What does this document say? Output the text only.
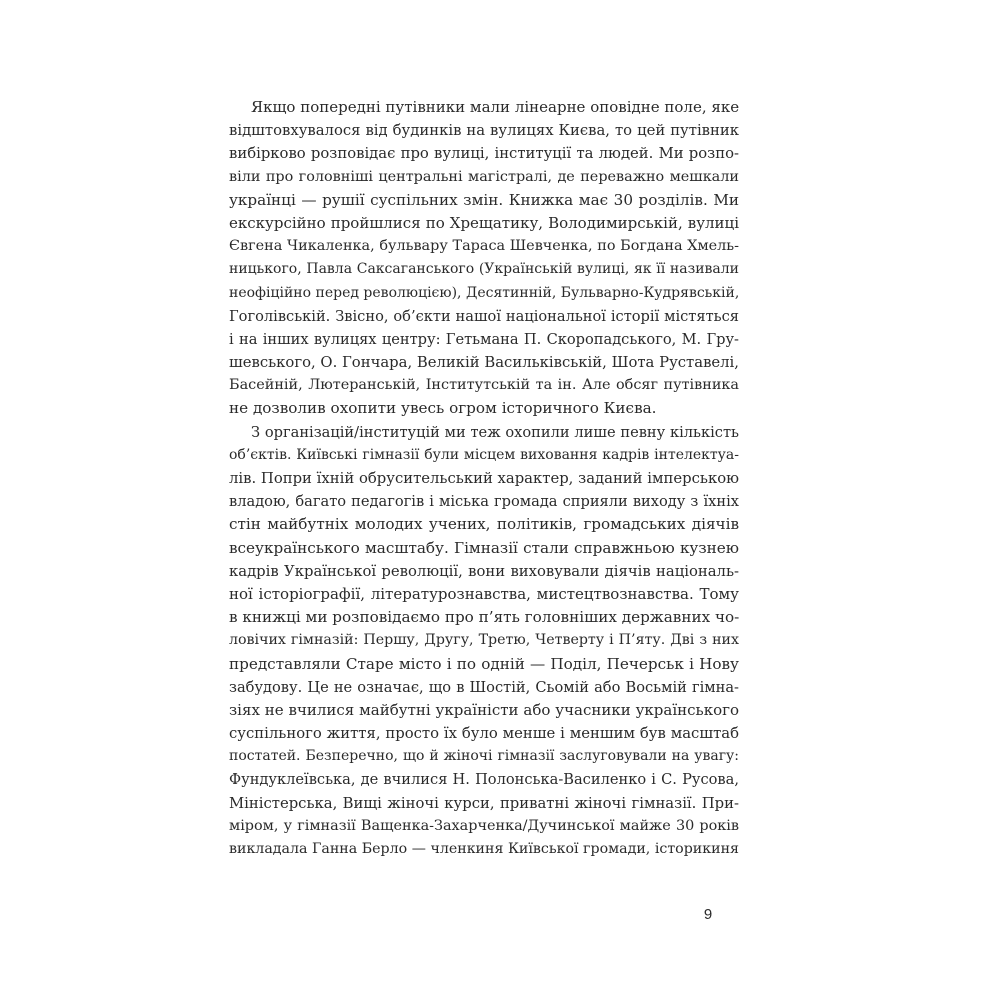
Якщо попередні путівники мали лінеарне оповідне поле, яке
відштовхувалося від будинків на вулицях Києва, то цей путівник
вибірково розповідає про вулиці, інституції та людей. Ми розпо-
віли про головніші центральні магістралі, де переважно мешкали
українці — рушії суспільних змін. Книжка має 30 розділів. Ми
екскурсійно пройшлися по Хрещатику, Володимирській, вулиці
Євгена Чикаленка, бульвару Тараса Шевченка, по Богдана Хмель-
ницького, Павла Саксаганського (Українській вулиці, як її називали
неофіційно перед революцією), Десятинній, Бульварно-Кудрявській,
Гоголівській. Звісно, об’єкти нашої національної історії містяться
і на інших вулицях центру: Гетьмана П. Скоропадського, М. Гру-
шевського, О. Гончара, Великій Васильківській, Шота Руставелі,
Басейній, Лютеранській, Інститутській та ін. Але обсяг путівника
не дозволив охопити увесь огром історичного Києва.
З організацій/інституцій ми теж охопили лише певну кількість
об’єктів. Київські гімназії були місцем виховання кадрів інтелектуа-
лів. Попри їхній обрусительський характер, заданий імперською
владою, багато педагогів і міська громада сприяли виходу з їхніх
стін майбутніх молодих учених, політиків, громадських діячів
всеукраїнського масштабу. Гімназії стали справжньою кузнею
кадрів Української революції, вони виховували діячів національ-
ної історіографії, літературознавства, мистецтвознавства. Тому
в книжці ми розповідаємо про п’ять головніших державних чо-
ловічих гімназій: Першу, Другу, Третю, Четверту і П’яту. Дві з них
представляли Старе місто і по одній — Поділ, Печерськ і Нову
забудову. Це не означає, що в Шостій, Сьомій або Восьмій гімна-
зіях не вчилися майбутні україністи або учасники українського
суспільного життя, просто їх було менше і меншим був масштаб
постатей. Безперечно, що й жіночі гімназії заслуговували на увагу:
Фундуклеївська, де вчилися Н. Полонська-Василенко і С. Русова,
Міністерська, Вищі жіночі курси, приватні жіночі гімназії. При-
міром, у гімназії Ващенка-Захарченка/Дучинської майже 30 років
викладала Ганна Берло — членкиня Київської громади, історикиня
9
